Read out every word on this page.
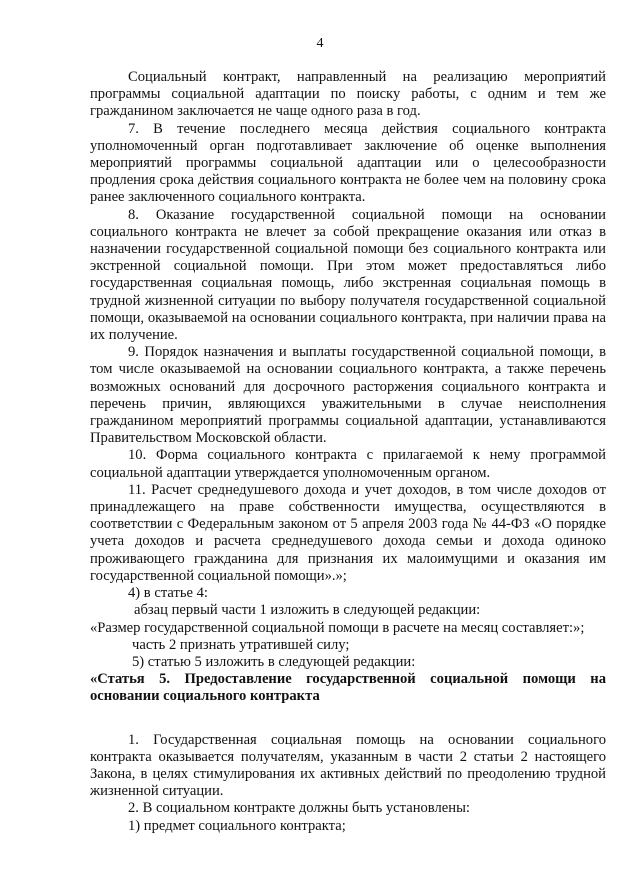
4

Социальный контракт, направленный на реализацию мероприятий программы социальной адаптации по поиску работы, с одним и тем же гражданином заключается не чаще одного раза в год.

7. В течение последнего месяца действия социального контракта уполномоченный орган подготавливает заключение об оценке выполнения мероприятий программы социальной адаптации или о целесообразности продления срока действия социального контракта не более чем на половину срока ранее заключенного социального контракта.

8. Оказание государственной социальной помощи на основании социального контракта не влечет за собой прекращение оказания или отказ в назначении государственной социальной помощи без социального контракта или экстренной социальной помощи. При этом может предоставляться либо государственная социальная помощь, либо экстренная социальная помощь в трудной жизненной ситуации по выбору получателя государственной социальной помощи, оказываемой на основании социального контракта, при наличии права на их получение.

9. Порядок назначения и выплаты государственной социальной помощи, в том числе оказываемой на основании социального контракта, а также перечень возможных оснований для досрочного расторжения социального контракта и перечень причин, являющихся уважительными в случае неисполнения гражданином мероприятий программы социальной адаптации, устанавливаются Правительством Московской области.

10. Форма социального контракта с прилагаемой к нему программой социальной адаптации утверждается уполномоченным органом.

11. Расчет среднедушевого дохода и учет доходов, в том числе доходов от принадлежащего на праве собственности имущества, осуществляются в соответствии с Федеральным законом от 5 апреля 2003 года № 44-ФЗ «О порядке учета доходов и расчета среднедушевого дохода семьи и дохода одиноко проживающего гражданина для признания их малоимущими и оказания им государственной социальной помощи».»;

4) в статье 4:

абзац первый части 1 изложить в следующей редакции:

«Размер государственной социальной помощи в расчете на месяц составляет:»;

часть 2 признать утратившей силу;

5) статью 5 изложить в следующей редакции:

«Статья 5. Предоставление государственной социальной помощи на основании социального контракта

1. Государственная социальная помощь на основании социального контракта оказывается получателям, указанным в части 2 статьи 2 настоящего Закона, в целях стимулирования их активных действий по преодолению трудной жизненной ситуации.

2. В социальном контракте должны быть установлены:

1) предмет социального контракта;
